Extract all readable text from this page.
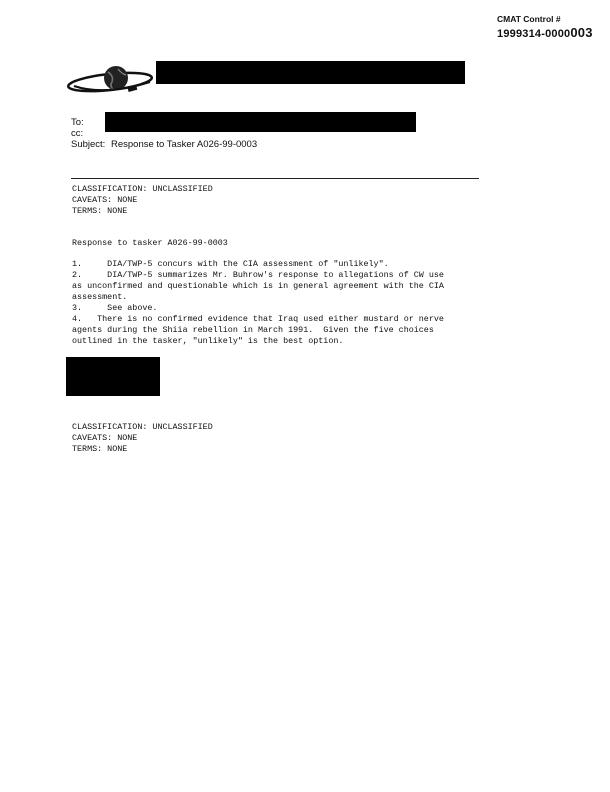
CMAT Control #
1999314-0000003
To:
cc:
Subject: Response to Tasker A026-99-0003
CLASSIFICATION: UNCLASSIFIED
CAVEATS: NONE
TERMS: NONE
Response to tasker A026-99-0003
1.     DIA/TWP-5 concurs with the CIA assessment of "unlikely".
2.     DIA/TWP-5 summarizes Mr. Buhrow's response to allegations of CW use
as unconfirmed and questionable which is in general agreement with the CIA
assessment.
3.     See above.
4.   There is no confirmed evidence that Iraq used either mustard or nerve
agents during the Shiia rebellion in March 1991.  Given the five choices
outlined in the tasker, "unlikely" is the best option.
CLASSIFICATION: UNCLASSIFIED
CAVEATS: NONE
TERMS: NONE
